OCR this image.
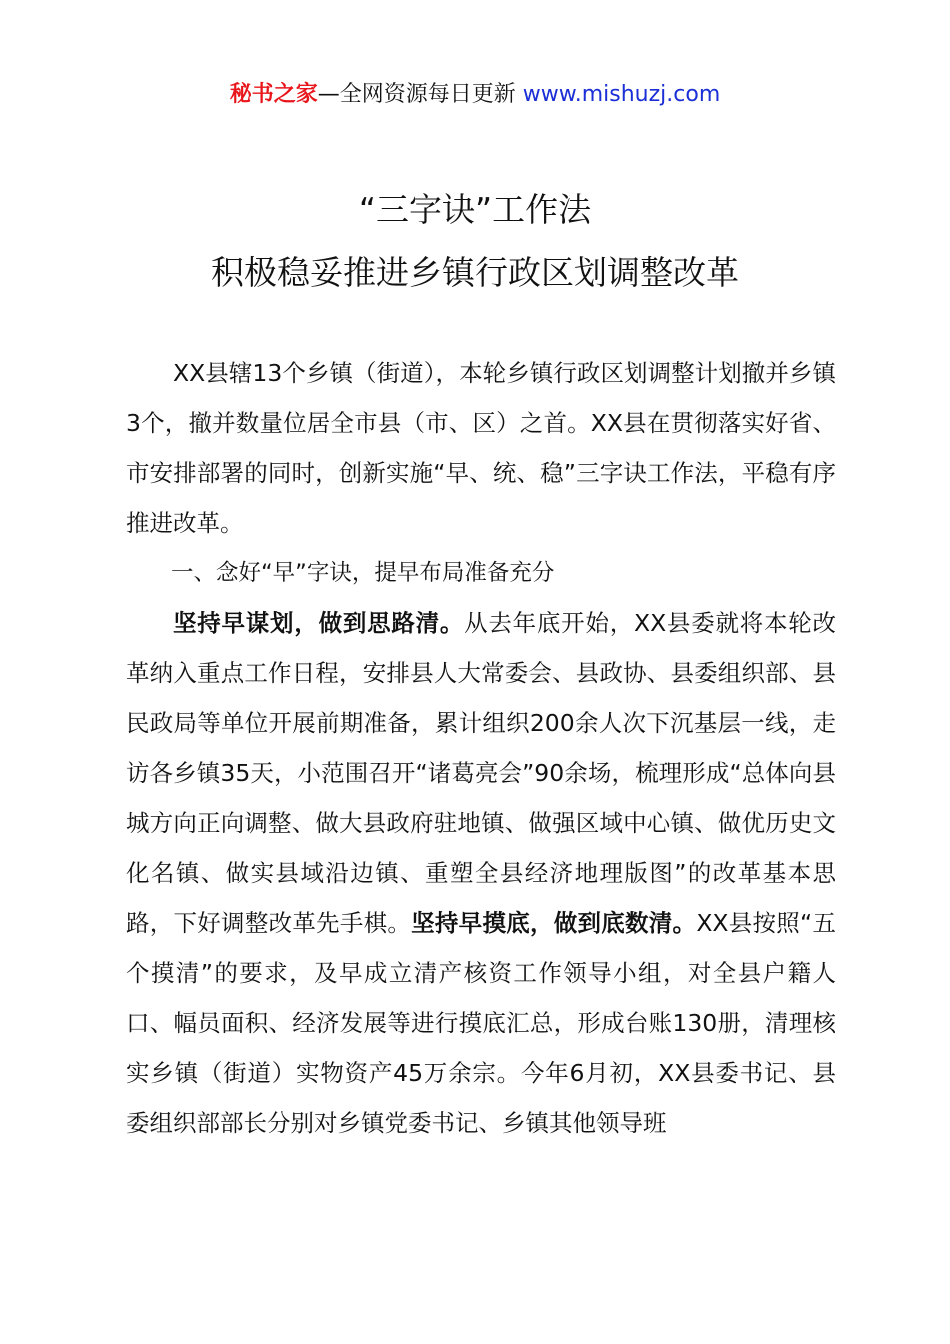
秘书之家—全网资源每日更新 www.mishuzj.com
“三字诀”工作法
积极稳妥推进乡镇行政区划调整改革

XX县辖13个乡镇（街道），本轮乡镇行政区划调整计划撤并乡镇3个，撤并数量位居全市县（市、区）之首。XX县在贯彻落实好省、市安排部署的同时，创新实施“早、统、稳”三字诀工作法，平稳有序推进改革。

一、念好“早”字诀，提早布局准备充分

坚持早谋划，做到思路清。从去年底开始，XX县委就将本轮改革纳入重点工作日程，安排县人大常委会、县政协、县委组织部、县民政局等单位开展前期准备，累计组织200余人次下沉基层一线，走访各乡镇35天，小范围召开“诸葛亮会”90余场，梳理形成“总体向县城方向正向调整、做大县政府驻地镇、做强区域中心镇、做优历史文化名镇、做实县域沿边镇、重塑全县经济地理版图”的改革基本思路，下好调整改革先手棋。坚持早摸底，做到底数清。XX县按照“五个摸清”的要求，及早成立清产核资工作领导小组，对全县户籍人口、幅员面积、经济发展等进行摸底汇总，形成台账130册，清理核实乡镇（街道）实物资产45万余宗。今年6月初，XX县委书记、县委组织部部长分别对乡镇党委书记、乡镇其他领导班
